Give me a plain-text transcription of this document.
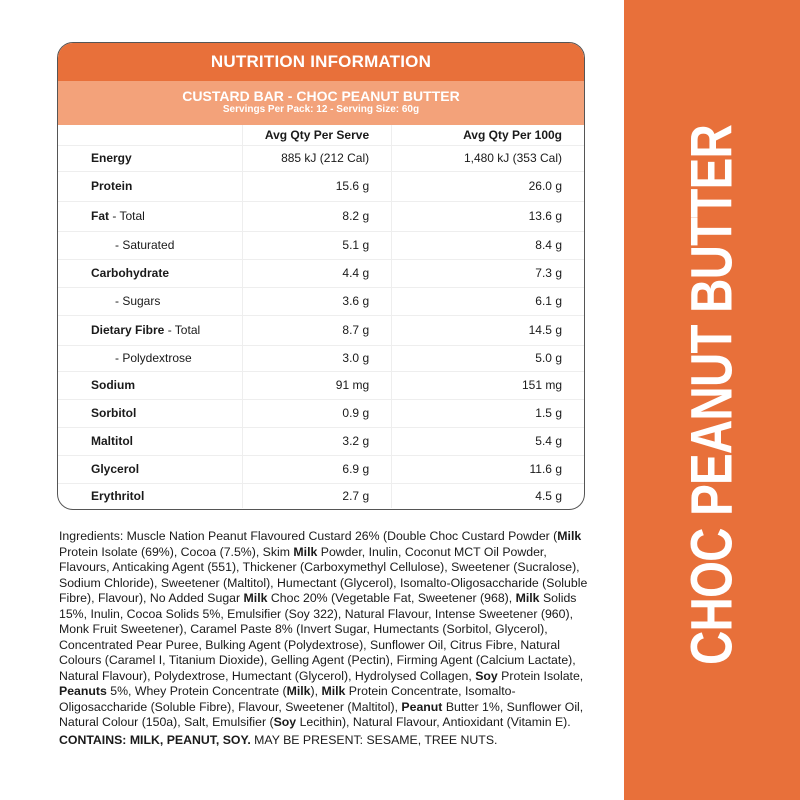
NUTRITION INFORMATION
CUSTARD BAR - CHOC PEANUT BUTTER
Servings Per Pack: 12 - Serving Size: 60g
	Avg Qty Per Serve	Avg Qty Per 100g
Energy	885 kJ (212 Cal)	1,480 kJ (353 Cal)
Protein	15.6 g	26.0 g
Fat - Total	8.2 g	13.6 g
- Saturated	5.1 g	8.4 g
Carbohydrate	4.4 g	7.3 g
- Sugars	3.6 g	6.1 g
Dietary Fibre - Total	8.7 g	14.5 g
- Polydextrose	3.0 g	5.0 g
Sodium	91 mg	151 mg
Sorbitol	0.9 g	1.5 g
Maltitol	3.2 g	5.4 g
Glycerol	6.9 g	11.6 g
Erythritol	2.7 g	4.5 g
Ingredients: Muscle Nation Peanut Flavoured Custard 26% (Double Choc Custard Powder (Milk Protein Isolate (69%), Cocoa (7.5%), Skim Milk Powder, Inulin, Coconut MCT Oil Powder, Flavours, Anticaking Agent (551), Thickener (Carboxymethyl Cellulose), Sweetener (Sucralose), Sodium Chloride), Sweetener (Maltitol), Humectant (Glycerol), Isomalto-Oligosaccharide (Soluble Fibre), Flavour), No Added Sugar Milk Choc 20% (Vegetable Fat, Sweetener (968), Milk Solids 15%, Inulin, Cocoa Solids 5%, Emulsifier (Soy 322), Natural Flavour, Intense Sweetener (960), Monk Fruit Sweetener), Caramel Paste 8% (Invert Sugar, Humectants (Sorbitol, Glycerol), Concentrated Pear Puree, Bulking Agent (Polydextrose), Sunflower Oil, Citrus Fibre, Natural Colours (Caramel I, Titanium Dioxide), Gelling Agent (Pectin), Firming Agent (Calcium Lactate), Natural Flavour), Polydextrose, Humectant (Glycerol), Hydrolysed Collagen, Soy Protein Isolate, Peanuts 5%, Whey Protein Concentrate (Milk), Milk Protein Concentrate, Isomalto-Oligosaccharide (Soluble Fibre), Flavour, Sweetener (Maltitol), Peanut Butter 1%, Sunflower Oil, Natural Colour (150a), Salt, Emulsifier (Soy Lecithin), Natural Flavour, Antioxidant (Vitamin E).
CONTAINS: MILK, PEANUT, SOY. MAY BE PRESENT: SESAME, TREE NUTS.
CHOC PEANUT BUTTER
